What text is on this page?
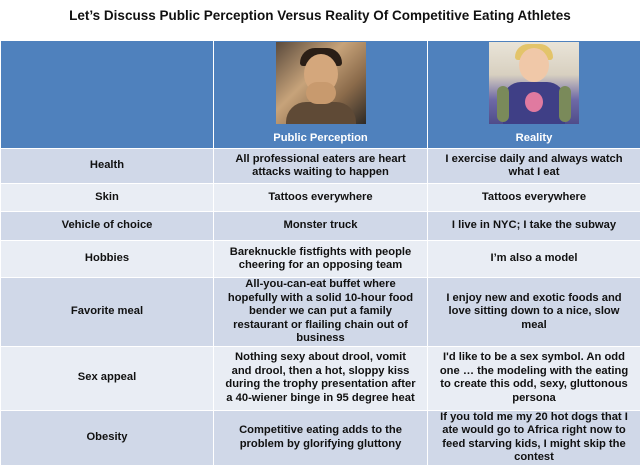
Let’s Discuss Public Perception Versus Reality Of Competitive Eating Athletes

	Public Perception	Reality

Health	All professional eaters are heart attacks waiting to happen	I exercise daily and always watch what I eat
Skin	Tattoos everywhere	Tattoos everywhere
Vehicle of choice	Monster truck	I live in NYC; I take the subway
Hobbies	Bareknuckle fistfights with people cheering for an opposing team	I’m also a model
Favorite meal	All-you-can-eat buffet where hopefully with a solid 10-hour food bender we can put a family restaurant or flailing chain out of business	I enjoy new and exotic foods and love sitting down to a nice, slow meal
Sex appeal	Nothing sexy about drool, vomit and drool, then a hot, sloppy kiss during the trophy presentation after a 40-wiener binge in 95 degree heat	I'd like to be a sex symbol. An odd one … the modeling with the eating to create this odd, sexy, gluttonous persona
Obesity	Competitive eating adds to the problem by glorifying gluttony	If you told me my 20 hot dogs that I ate would go to Africa right now to feed starving kids, I might skip the contest
